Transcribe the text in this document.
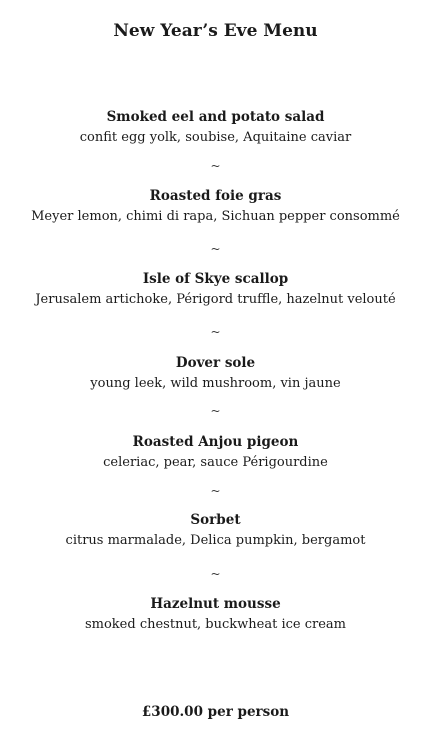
New Year’s Eve Menu
Smoked eel and potato salad
confit egg yolk, soubise, Aquitaine caviar
~
Roasted foie gras
Meyer lemon, chimi di rapa, Sichuan pepper consommé
~
Isle of Skye scallop
Jerusalem artichoke, Périgord truffle, hazelnut velouté
~
Dover sole
young leek, wild mushroom, vin jaune
~
Roasted Anjou pigeon
celeriac, pear, sauce Périgourdine
~
Sorbet
citrus marmalade, Delica pumpkin, bergamot
~
Hazelnut mousse
smoked chestnut, buckwheat ice cream
£300.00 per person
